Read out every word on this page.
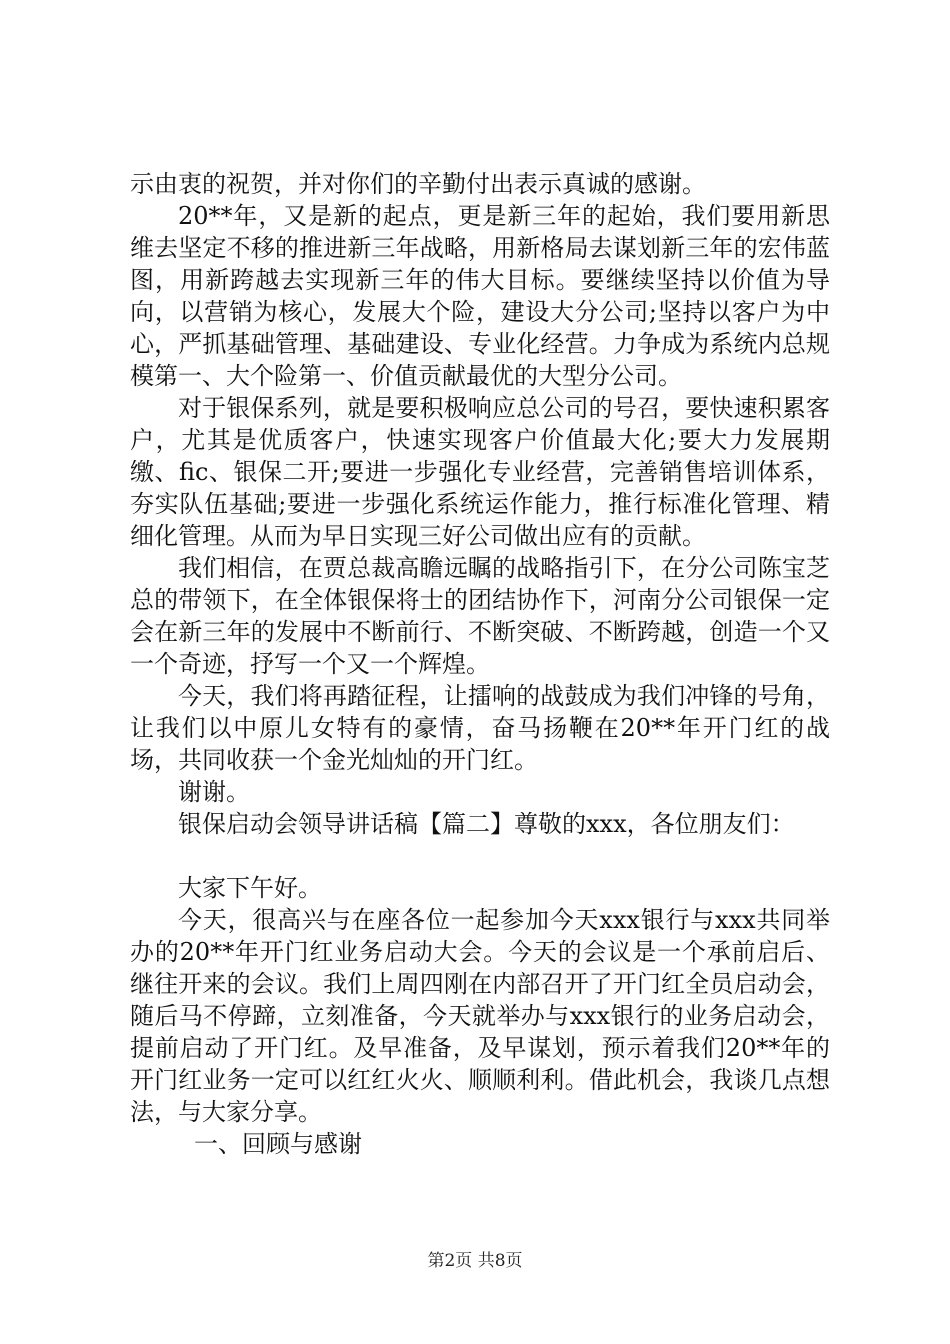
示由衷的祝贺，并对你们的辛勤付出表示真诚的感谢。

20**年，又是新的起点，更是新三年的起始，我们要用新思维去坚定不移的推进新三年战略，用新格局去谋划新三年的宏伟蓝图，用新跨越去实现新三年的伟大目标。要继续坚持以价值为导向，以营销为核心，发展大个险，建设大分公司;坚持以客户为中心，严抓基础管理、基础建设、专业化经营。力争成为系统内总规模第一、大个险第一、价值贡献最优的大型分公司。

对于银保系列，就是要积极响应总公司的号召，要快速积累客户，尤其是优质客户，快速实现客户价值最大化;要大力发展期缴、fic、银保二开;要进一步强化专业经营，完善销售培训体系，夯实队伍基础;要进一步强化系统运作能力，推行标准化管理、精细化管理。从而为早日实现三好公司做出应有的贡献。

我们相信，在贾总裁高瞻远瞩的战略指引下，在分公司陈宝芝总的带领下，在全体银保将士的团结协作下，河南分公司银保一定会在新三年的发展中不断前行、不断突破、不断跨越，创造一个又一个奇迹，抒写一个又一个辉煌。

今天，我们将再踏征程，让擂响的战鼓成为我们冲锋的号角，让我们以中原儿女特有的豪情，奋马扬鞭在20**年开门红的战场，共同收获一个金光灿灿的开门红。

谢谢。

银保启动会领导讲话稿【篇二】尊敬的xxx，各位朋友们：

大家下午好。

今天，很高兴与在座各位一起参加今天xxx银行与xxx共同举办的20**年开门红业务启动大会。今天的会议是一个承前启后、继往开来的会议。我们上周四刚在内部召开了开门红全员启动会，随后马不停蹄，立刻准备，今天就举办与xxx银行的业务启动会，提前启动了开门红。及早准备，及早谋划，预示着我们20**年的开门红业务一定可以红红火火、顺顺利利。借此机会，我谈几点想法，与大家分享。

一、回顾与感谢

第2页 共8页
